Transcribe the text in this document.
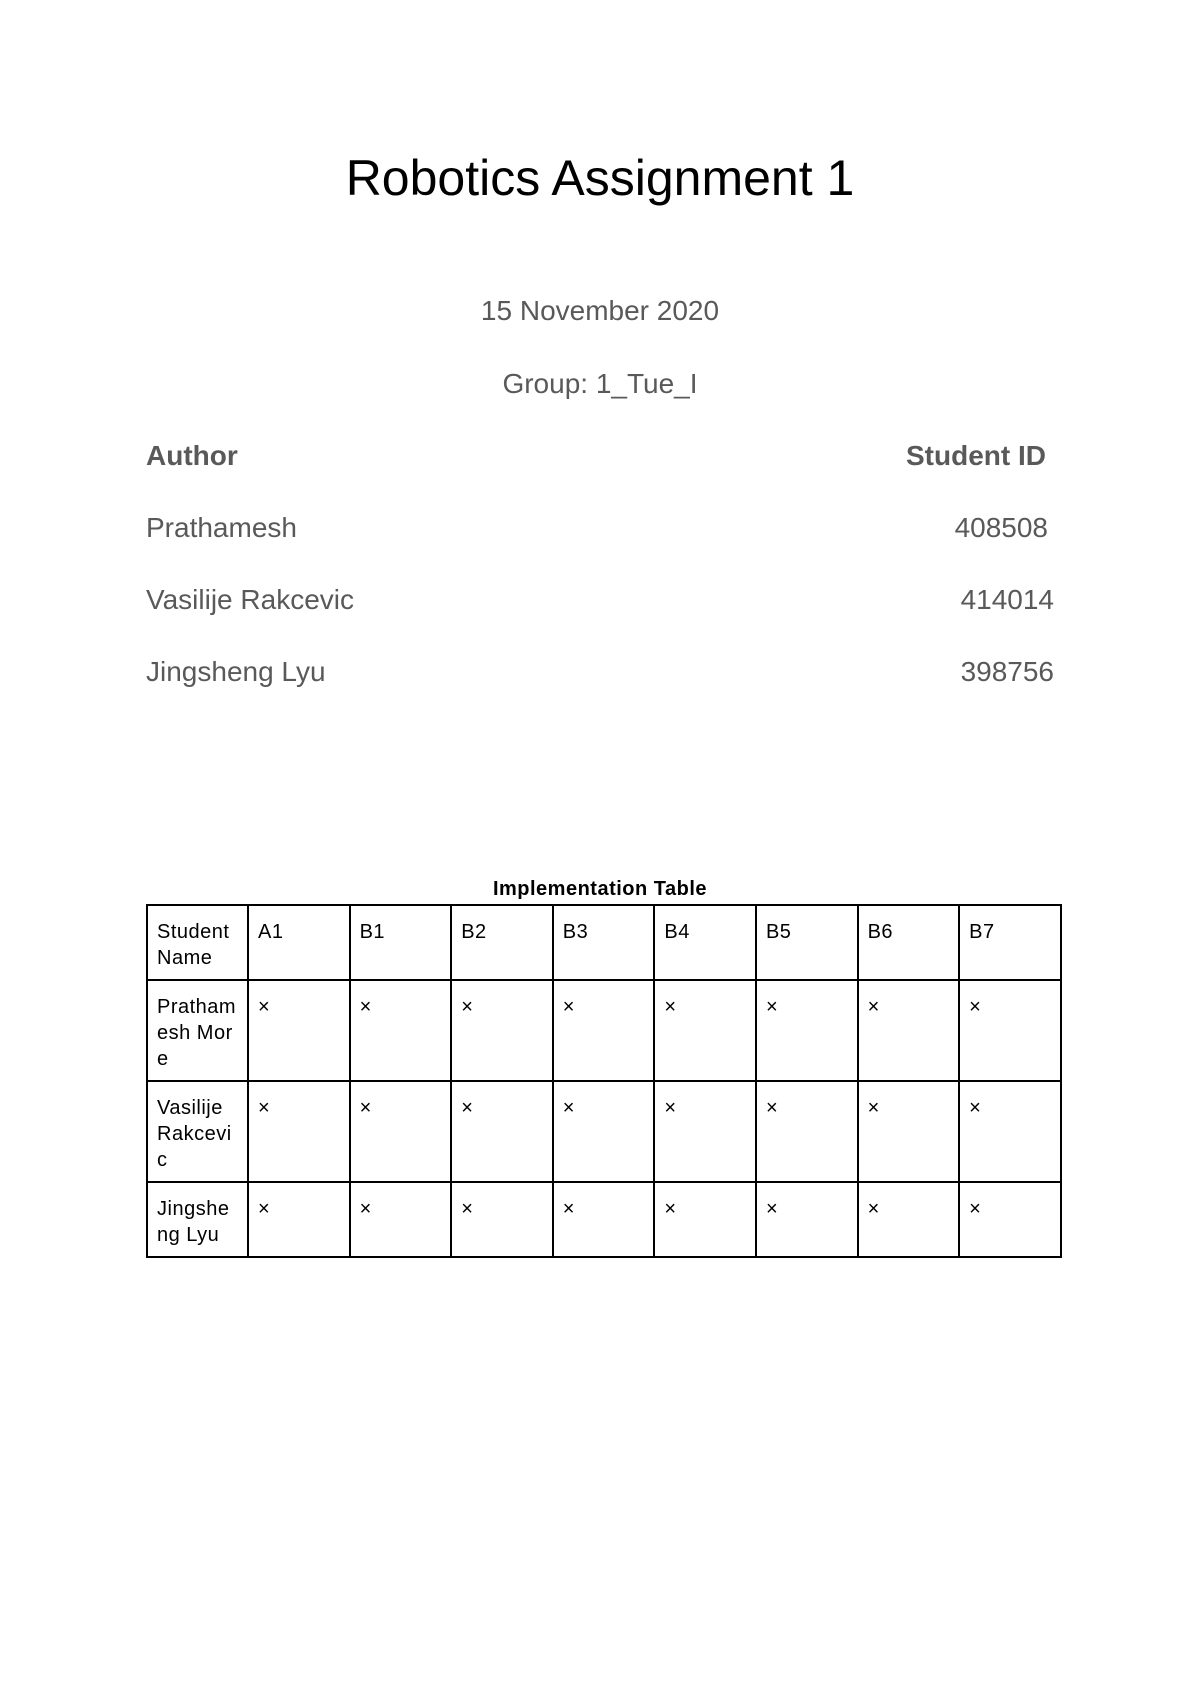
Robotics Assignment 1
15 November 2020
Group: 1_Tue_I
Author	Student ID
Prathamesh	408508
Vasilije Rakcevic	414014
Jingsheng Lyu	398756
Implementation Table
Student Name	A1	B1	B2	B3	B4	B5	B6	B7
Prathamesh More	×	×	×	×	×	×	×	×
Vasilije Rakcevic	×	×	×	×	×	×	×	×
Jingsheng Lyu	×	×	×	×	×	×	×	×
